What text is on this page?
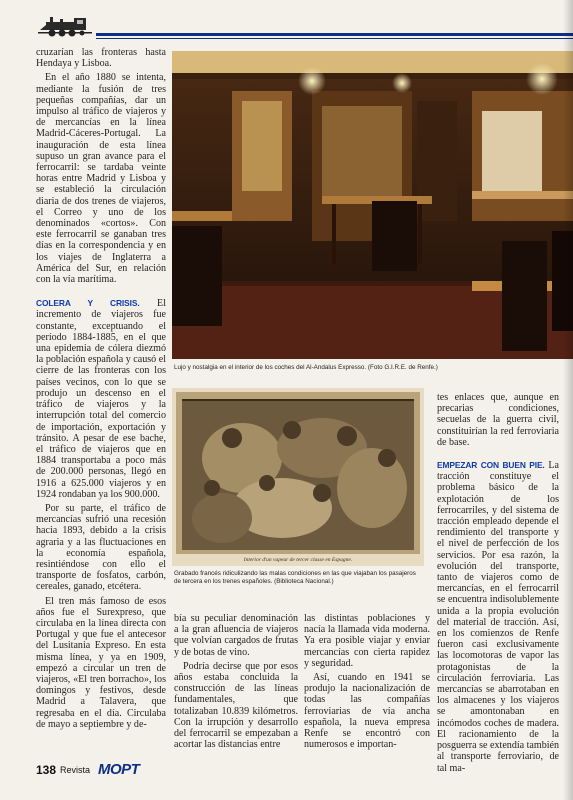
cruzarían las fronteras hasta Hendaya y Lisboa.

En el año 1880 se intenta, mediante la fusión de tres pequeñas compañías, dar un impulso al tráfico de viajeros y de mercancías en la línea Madrid-Cáceres-Portugal. La inauguración de esta línea supuso un gran avance para el ferrocarril: se tardaba veinte horas entre Madrid y Lisboa y se estableció la circulación diaria de dos trenes de viajeros, el Correo y uno de los denominados «cortos». Con este ferrocarril se ganaban tres días en la correspondencia y en los viajes de Inglaterra a América del Sur, en relación con la vía marítima.

COLERA Y CRISIS. El incremento de viajeros fue constante, exceptuando el período 1884-1885, en el que una epidemia de cólera diezmó la población española y causó el cierre de las fronteras con los países vecinos, con lo que se produjo un descenso en el tráfico de viajeros y la interrupción total del comercio de importación, exportación y tránsito. A pesar de ese bache, el tráfico de viajeros que en 1884 transportaba a poco más de 200.000 personas, llegó en 1916 a 625.000 viajeros y en 1924 rondaban ya los 900.000.

Por su parte, el tráfico de mercancías sufrió una recesión hacia 1893, debido a la crisis agraria y a las fluctuaciones en la economía española, resintiéndose con ello el transporte de fosfatos, carbón, cereales, ganado, etcétera.

El tren más famoso de esos años fue el Surexpreso, que circulaba en la línea directa con Portugal y que fue el antecesor del Lusitania Expreso. En esta misma línea, y ya en 1909, empezó a circular un tren de viajeros, «El tren borracho», los domingos y festivos, desde Madrid a Talavera, que regresaba en el día. Circulaba de mayo a septiembre y de-

Lujo y nostalgia en el interior de los coches del Al-Andalus Expresso. (Foto G.I.R.E. de Renfe.)
Interior d'un vapeur de tercer classe en Espagne.
Grabado francés ridiculizando las malas condiciones en las que viajaban los pasajeros de tercera en los trenes españoles. (Biblioteca Nacional.)

bía su peculiar denominación a la gran afluencia de viajeros que volvían cargados de frutas y de botas de vino.

Podría decirse que por esos años estaba concluida la construcción de las líneas fundamentales, que totalizaban 10.839 kilómetros. Con la irrupción y desarrollo del ferrocarril se empezaban a acortar las distancias entre

las distintas poblaciones y nacía la llamada vida moderna. Ya era posible viajar y enviar mercancías con cierta rapidez y seguridad.

Así, cuando en 1941 se produjo la nacionalización de todas las compañías ferroviarias de vía ancha española, la nueva empresa Renfe se encontró con numerosos e importan-

tes enlaces que, aunque en precarias condiciones, secuelas de la guerra civil, constituirían la red ferroviaria de base.

EMPEZAR CON BUEN PIE. La tracción constituye el problema básico de la explotación de los ferrocarriles, y del sistema de tracción empleado depende el rendimiento del transporte y el nivel de perfección de los servicios. Por esa razón, la evolución del transporte, tanto de viajeros como de mercancías, en el ferrocarril se encuentra indisolublemente unida a la propia evolución del material de tracción. Así, en los comienzos de Renfe fueron casi exclusivamente las locomotoras de vapor las protagonistas de la circulación ferroviaria. Las mercancías se abarrotaban en los almacenes y los viajeros se amontonaban en incómodos coches de madera. El racionamiento de la posguerra se extendía también al transporte ferroviario, de tal ma-

138 Revista MOPT
